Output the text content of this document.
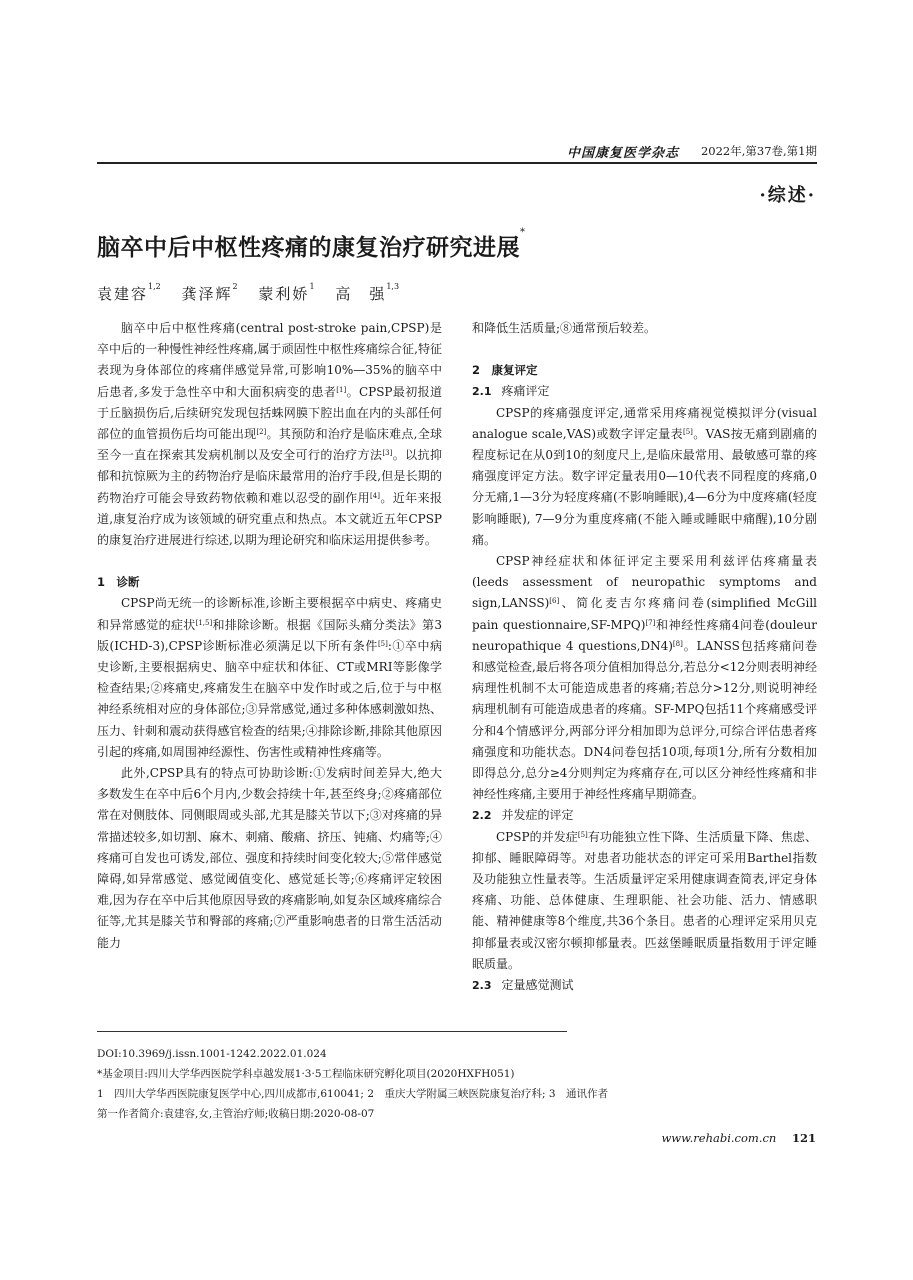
中国康复医学杂志 2022年,第37卷,第1期
·综述·
脑卒中后中枢性疼痛的康复治疗研究进展*
袁建容$^{1,2}$ 龚泽辉$^2$ 蒙利娇$^1$ 高　强$^{1,3}$

脑卒中后中枢性疼痛(central post-stroke pain,CPSP)是卒中后的一种慢性神经性疼痛,属于顽固性中枢性疼痛综合征,特征表现为身体部位的疼痛伴感觉异常,可影响10%—35%的脑卒中后患者,多发于急性卒中和大面积病变的患者[1]。CPSP最初报道于丘脑损伤后,后续研究发现包括蛛网膜下腔出血在内的头部任何部位的血管损伤后均可能出现[2]。其预防和治疗是临床难点,全球至今一直在探索其发病机制以及安全可行的治疗方法[3]。以抗抑郁和抗惊厥为主的药物治疗是临床最常用的治疗手段,但是长期的药物治疗可能会导致药物依赖和难以忍受的副作用[4]。近年来报道,康复治疗成为该领域的研究重点和热点。本文就近五年CPSP的康复治疗进展进行综述,以期为理论研究和临床运用提供参考。

1　诊断

CPSP尚无统一的诊断标准,诊断主要根据卒中病史、疼痛史和异常感觉的症状[1,5]和排除诊断。根据《国际头痛分类法》第3版(ICHD-3),CPSP诊断标准必须满足以下所有条件[5]:①卒中病史诊断,主要根据病史、脑卒中症状和体征、CT或MRI等影像学检查结果;②疼痛史,疼痛发生在脑卒中发作时或之后,位于与中枢神经系统相对应的身体部位;③异常感觉,通过多种体感刺激如热、压力、针刺和震动获得感官检查的结果;④排除诊断,排除其他原因引起的疼痛,如周围神经源性、伤害性或精神性疼痛等。

此外,CPSP具有的特点可协助诊断:①发病时间差异大,绝大多数发生在卒中后6个月内,少数会持续十年,甚至终身;②疼痛部位常在对侧肢体、同侧眼周或头部,尤其是膝关节以下;③对疼痛的异常描述较多,如切割、麻木、刺痛、酸痛、挤压、钝痛、灼痛等;④疼痛可自发也可诱发,部位、强度和持续时间变化较大;⑤常伴感觉障碍,如异常感觉、感觉阈值变化、感觉延长等;⑥疼痛评定较困难,因为存在卒中后其他原因导致的疼痛影响,如复杂区域疼痛综合征等,尤其是膝关节和臀部的疼痛;⑦严重影响患者的日常生活活动能力

和降低生活质量;⑧通常预后较差。

2　康复评定
2.1 疼痛评定

CPSP的疼痛强度评定,通常采用疼痛视觉模拟评分(visual analogue scale,VAS)或数字评定量表[5]。VAS按无痛到剧痛的程度标记在从0到10的刻度尺上,是临床最常用、最敏感可靠的疼痛强度评定方法。数字评定量表用0—10代表不同程度的疼痛,0分无痛,1—3分为轻度疼痛(不影响睡眠),4—6分为中度疼痛(轻度影响睡眠), 7—9分为重度疼痛(不能入睡或睡眠中痛醒),10分剧痛。

CPSP神经症状和体征评定主要采用利兹评估疼痛量表(leeds assessment of neuropathic symptoms and sign,LANSS)[6]、简化麦吉尔疼痛问卷(simplified McGill pain questionnaire,SF-MPQ)[7]和神经性疼痛4问卷(douleur neuropathique 4 questions,DN4)[8]。LANSS包括疼痛问卷和感觉检查,最后将各项分值相加得总分,若总分<12分则表明神经病理性机制不太可能造成患者的疼痛;若总分>12分,则说明神经病理机制有可能造成患者的疼痛。SF-MPQ包括11个疼痛感受评分和4个情感评分,两部分评分相加即为总评分,可综合评估患者疼痛强度和功能状态。DN4问卷包括10项,每项1分,所有分数相加即得总分,总分≥4分则判定为疼痛存在,可以区分神经性疼痛和非神经性疼痛,主要用于神经性疼痛早期筛查。

2.2 并发症的评定

CPSP的并发症[5]有功能独立性下降、生活质量下降、焦虑、抑郁、睡眠障碍等。对患者功能状态的评定可采用Barthel指数及功能独立性量表等。生活质量评定采用健康调查简表,评定身体疼痛、功能、总体健康、生理职能、社会功能、活力、情感职能、精神健康等8个维度,共36个条目。患者的心理评定采用贝克抑郁量表或汉密尔顿抑郁量表。匹兹堡睡眠质量指数用于评定睡眠质量。

2.3 定量感觉测试
DOI:10.3969/j.issn.1001-1242.2022.01.024
*基金项目:四川大学华西医院学科卓越发展1·3·5工程临床研究孵化项目(2020HXFH051)
1　四川大学华西医院康复医学中心,四川成都市,610041; 2　重庆大学附属三峡医院康复治疗科; 3　通讯作者
第一作者简介:袁建容,女,主管治疗师;收稿日期:2020-08-07
www.rehabi.com.cn 121
